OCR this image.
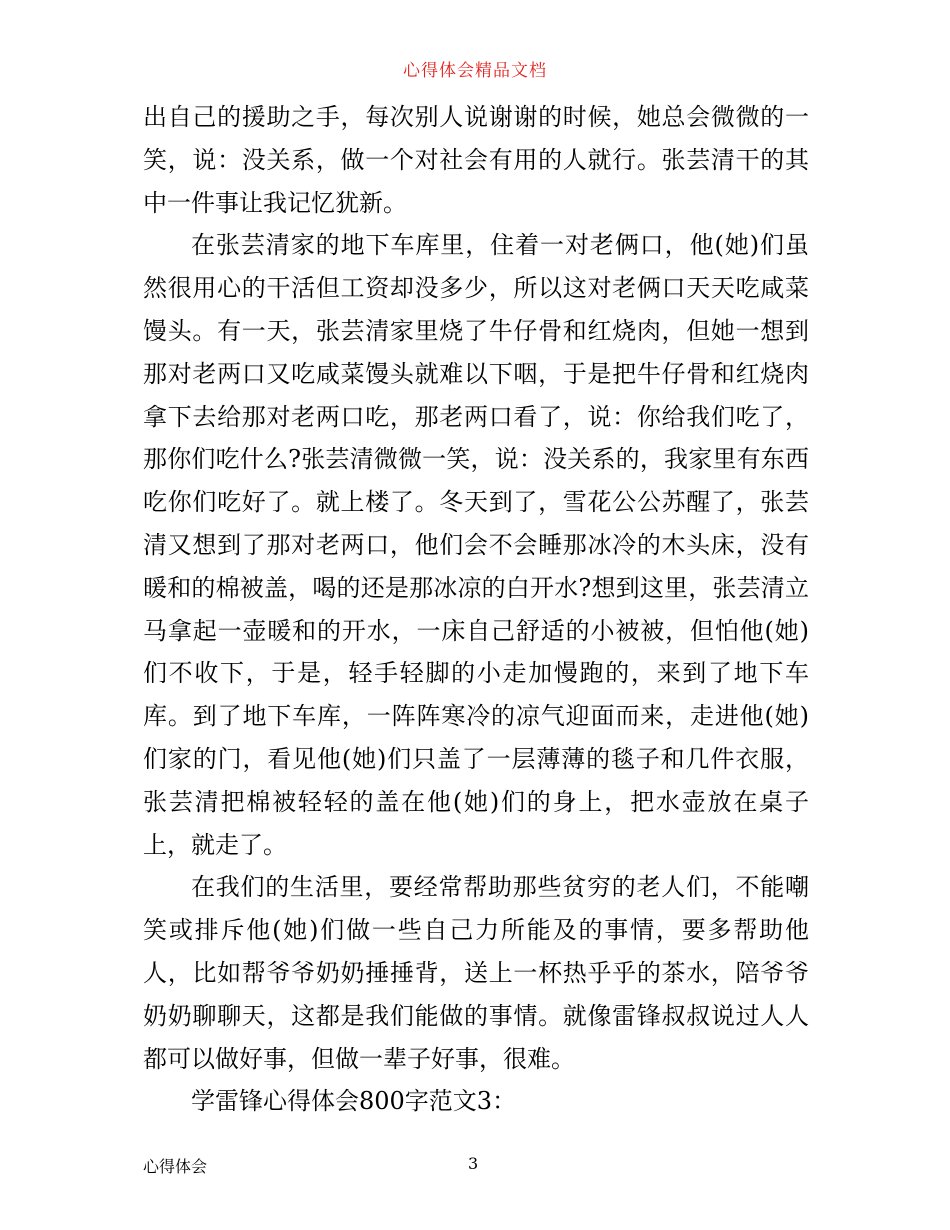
心得体会精品文档

出自己的援助之手，每次别人说谢谢的时候，她总会微微的一笑，说：没关系，做一个对社会有用的人就行。张芸清干的其中一件事让我记忆犹新。

在张芸清家的地下车库里，住着一对老俩口，他(她)们虽然很用心的干活但工资却没多少，所以这对老俩口天天吃咸菜馒头。有一天，张芸清家里烧了牛仔骨和红烧肉，但她一想到那对老两口又吃咸菜馒头就难以下咽，于是把牛仔骨和红烧肉拿下去给那对老两口吃，那老两口看了，说：你给我们吃了，那你们吃什么?张芸清微微一笑，说：没关系的，我家里有东西吃你们吃好了。就上楼了。冬天到了，雪花公公苏醒了，张芸清又想到了那对老两口，他们会不会睡那冰冷的木头床，没有暖和的棉被盖，喝的还是那冰凉的白开水?想到这里，张芸清立马拿起一壶暖和的开水，一床自己舒适的小被被，但怕他(她)们不收下，于是，轻手轻脚的小走加慢跑的，来到了地下车库。到了地下车库，一阵阵寒冷的凉气迎面而来，走进他(她)们家的门，看见他(她)们只盖了一层薄薄的毯子和几件衣服，张芸清把棉被轻轻的盖在他(她)们的身上，把水壶放在桌子上，就走了。

在我们的生活里，要经常帮助那些贫穷的老人们，不能嘲笑或排斥他(她)们做一些自己力所能及的事情，要多帮助他人，比如帮爷爷奶奶捶捶背，送上一杯热乎乎的茶水，陪爷爷奶奶聊聊天，这都是我们能做的事情。就像雷锋叔叔说过人人都可以做好事，但做一辈子好事，很难。

学雷锋心得体会800字范文3：

心得体会	3
